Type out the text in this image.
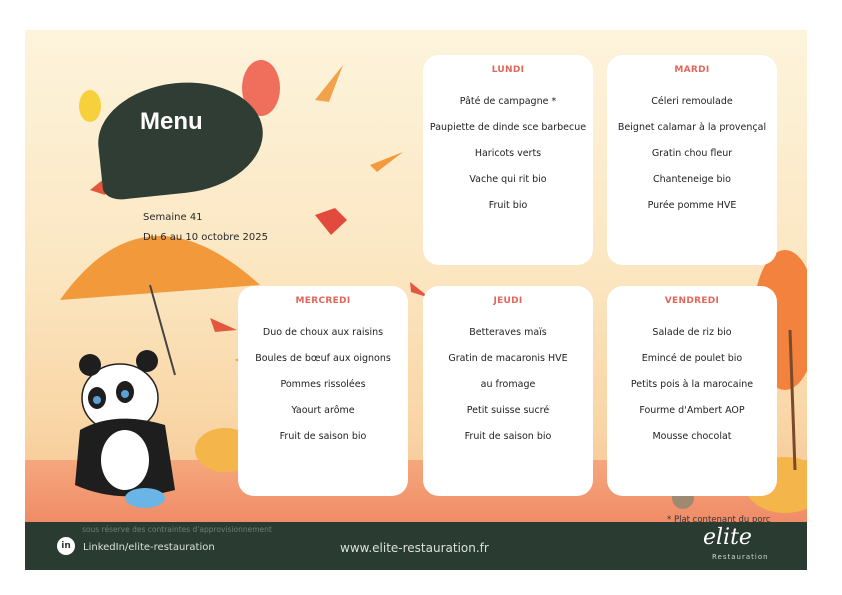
Menu
Semaine 41
Du 6 au 10 octobre 2025
LUNDI
Pâté de campagne *
Paupiette de dinde sce barbecue
Haricots verts
Vache qui rit bio
Fruit bio
MARDI
Céleri remoulade
Beignet calamar à la provençal
Gratin chou fleur
Chanteneige bio
Purée pomme HVE
MERCREDI
Duo de choux aux raisins
Boules de bœuf aux oignons
Pommes rissolées
Yaourt arôme
Fruit de saison bio
JEUDI
Betteraves maïs
Gratin de macaronis HVE
au fromage
Petit suisse sucré
Fruit de saison bio
VENDREDI
Salade de riz bio
Emincé de poulet bio
Petits pois à la marocaine
Fourme d'Ambert AOP
Mousse chocolat
sous réserve des contraintes d'approvisionnement
in	LinkedIn/elite-restauration	www.elite-restauration.fr
* Plat contenant du porc
elite
Restauration
